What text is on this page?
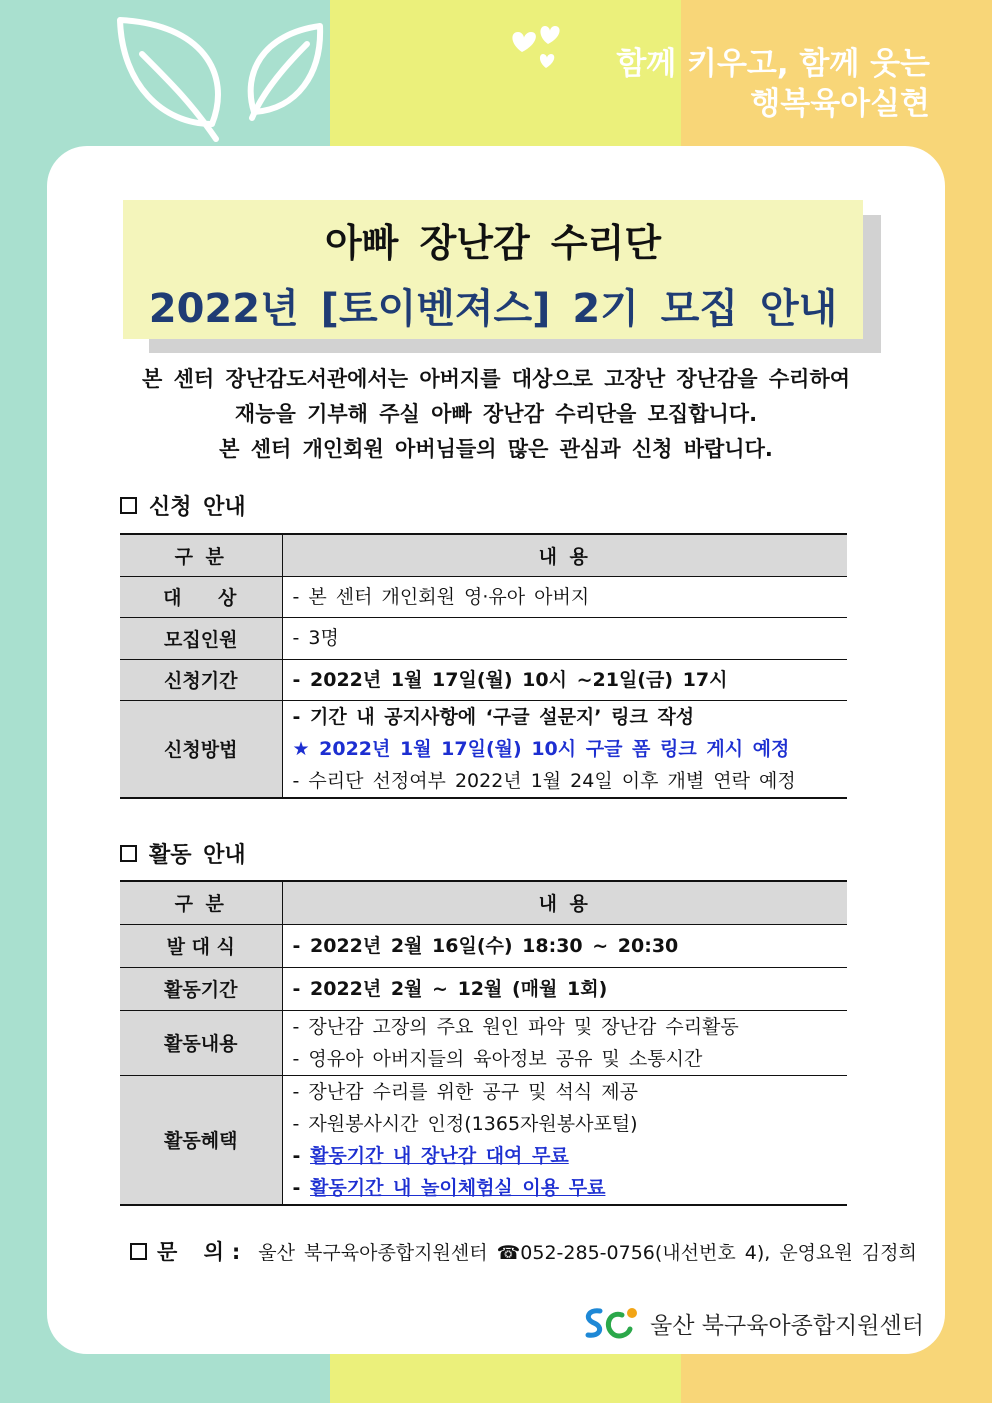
함께 키우고, 함께 웃는
행복육아실현
아빠 장난감 수리단
2022년 [토이벤져스] 2기 모집 안내
본 센터 장난감도서관에서는 아버지를 대상으로 고장난 장난감을 수리하여
재능을 기부해 주실 아빠 장난감 수리단을 모집합니다.
본 센터 개인회원 아버님들의 많은 관심과 신청 바랍니다.
신청 안내
구 분	내 용
대    상	- 본 센터 개인회원 영·유아 아버지
모집인원	- 3명
신청기간	- 2022년 1월 17일(월) 10시 ~21일(금) 17시
신청방법	- 기간 내 공지사항에 ‘구글 설문지’ 링크 작성
★ 2022년 1월 17일(월) 10시 구글 폼 링크 게시 예정
- 수리단 선정여부 2022년 1월 24일 이후 개별 연락 예정
활동 안내
구 분	내 용
발 대 식	- 2022년 2월 16일(수) 18:30 ~ 20:30
활동기간	- 2022년 2월 ~ 12월 (매월 1회)
활동내용	- 장난감 고장의 주요 원인 파악 및 장난감 수리활동
- 영유아 아버지들의 육아정보 공유 및 소통시간

활동혜택	- 장난감 수리를 위한 공구 및 석식 제공
- 자원봉사시간 인정(1365자원봉사포털)
- 활동기간 내 장난감 대여 무료
- 활동기간 내 놀이체험실 이용 무료
문 의: 울산 북구육아종합지원센터 ☎052-285-0756(내선번호 4), 운영요원 김정희
울산 북구육아종합지원센터
